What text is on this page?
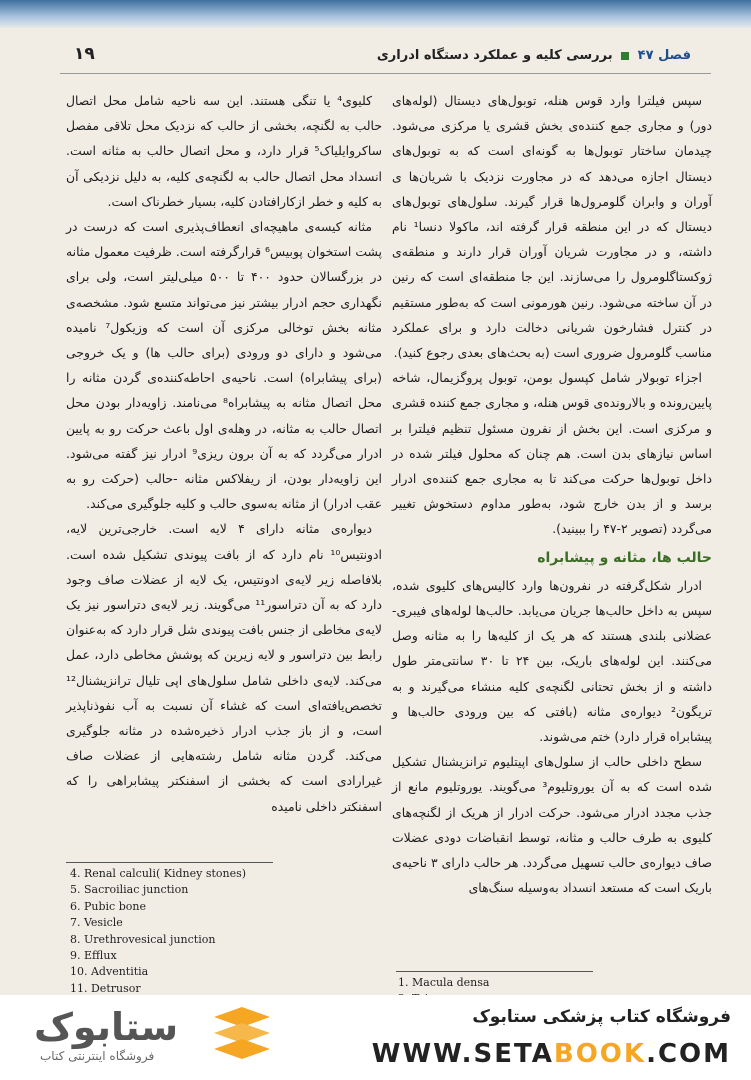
۱۹	فصل ۴۷  بررسی کلیه و عملکرد دستگاه ادراری

سپس فیلترا وارد قوس هنله، توبول‌های دیستال (لوله‌های دور) و مجاری جمع کننده‌ی بخش قشری یا مرکزی می‌شود. چیدمان ساختار توبول‌ها به گونه‌ای است که به توبول‌های دیستال اجازه می‌دهد که در مجاورت نزدیک با شریان‌ها ی آوران و وابران گلومرول‌ها قرار گیرند. سلول‌های توبول‌های دیستال که در این منطقه قرار گرفته اند، ماکولا دنسا¹ نام داشته، و در مجاورت شریان آوران قرار دارند و منطقه‌ی ژوکستاگلومرول را می‌سازند. این جا منطقه‌ای است که رنین در آن ساخته می‌شود. رنین هورمونی است که به‌طور مستقیم در کنترل فشارخون شریانی دخالت دارد و برای عملکرد مناسب گلومرول ضروری است (به بحث‌های بعدی رجوع کنید).

اجزاء توبولار شامل کپسول بومن، توبول پروگزیمال، شاخه پایین‌رونده و بالارونده‌ی قوس هنله، و مجاری جمع کننده قشری و مرکزی است. این بخش از نفرون مسئول تنظیم فیلترا بر اساس نیازهای بدن است. هم چنان که محلول فیلتر شده در داخل توبول‌ها حرکت می‌کند تا به مجاری جمع کننده‌ی ادرار برسد و از بدن خارج شود، به‌طور مداوم دستخوش تغییر می‌گردد (تصویر ۲-۴۷ را ببینید).

حالب ها، مثانه و پیشابراه

ادرار شکل‌گرفته در نفرون‌ها وارد کالیس‌های کلیوی شده، سپس به داخل حالب‌ها جریان می‌یابد. حالب‌ها لوله‌های فیبری- عضلانی بلندی هستند که هر یک از کلیه‌ها را به مثانه وصل می‌کنند. این لوله‌های باریک، بین ۲۴ تا ۳۰ سانتی‌متر طول داشته و از بخش تحتانی لگنچه‌ی کلیه منشاء می‌گیرند و به تریگون² دیواره‌ی مثانه (بافتی که بین ورودی حالب‌ها و پیشابراه قرار دارد) ختم می‌شوند.

سطح داخلی حالب از سلول‌های اپیتلیوم ترانزیشنال تشکیل شده است که به آن یوروتلیوم³ می‌گویند. یوروتلیوم مانع از جذب مجدد ادرار می‌شود. حرکت ادرار از هریک از لگنچه‌های کلیوی به طرف حالب و مثانه، توسط انقباضات دودی عضلات صاف دیواره‌ی حالب تسهیل می‌گردد. هر حالب دارای ۳ ناحیه‌ی باریک است که مستعد انسداد به‌وسیله سنگ‌های

کلیوی⁴ یا تنگی هستند. این سه ناحیه شامل محل اتصال حالب به لگنچه، بخشی از حالب که نزدیک محل تلاقی مفصل ساکروایلیاک⁵ قرار دارد، و محل اتصال حالب به مثانه است. انسداد محل اتصال حالب به لگنچه‌ی کلیه، به دلیل نزدیکی آن به کلیه و خطر ازکارافتادن کلیه، بسیار خطرناک است.

مثانه کیسه‌ی ماهیچه‌ای انعطاف‌پذیری است که درست در پشت استخوان پوبیس⁶ قرارگرفته است. ظرفیت معمول مثانه در بزرگسالان حدود ۴۰۰ تا ۵۰۰ میلی‌لیتر است، ولی برای نگهداری حجم ادرار بیشتر نیز می‌تواند متسع شود. مشخصه‌ی مثانه بخش توخالی مرکزی آن است که وزیکول⁷ نامیده می‌شود و دارای دو ورودی (برای حالب ها) و یک خروجی (برای پیشابراه) است. ناحیه‌ی احاطه‌کننده‌ی گردن مثانه را محل اتصال مثانه به پیشابراه⁸ می‌نامند. زاویه‌دار بودن محل اتصال حالب به مثانه، در وهله‌ی اول باعث حرکت رو به پایین ادرار می‌گردد که به آن برون ریزی⁹ ادرار نیز گفته می‌شود. این زاویه‌دار بودن، از ریفلاکس مثانه -حالب (حرکت رو به عقب ادرار) از مثانه به‌سوی حالب و کلیه جلوگیری می‌کند.

دیواره‌ی مثانه دارای ۴ لایه است. خارجی‌ترین لایه، ادونتیس¹⁰ نام دارد که از بافت پیوندی تشکیل شده است. بلافاصله زیر لایه‌ی ادونتیس، یک لایه از عضلات صاف وجود دارد که به آن دتراسور¹¹ می‌گویند. زیر لایه‌ی دتراسور نیز یک لایه‌ی مخاطی از جنس بافت پیوندی شل قرار دارد که به‌عنوان رابط بین دتراسور و لایه زیرین که پوشش مخاطی دارد، عمل می‌کند. لایه‌ی داخلی شامل سلول‌های اپی تلیال ترانزیشنال¹² تخصص‌یافته‌ای است که غشاء آن نسبت به آب نفوذناپذیر است، و از باز جذب ادرار ذخیره‌شده در مثانه جلوگیری می‌کند. گردن مثانه شامل رشته‌هایی از عضلات صاف غیرارادی است که بخشی از اسفنکتر پیشابراهی را که اسفنکتر داخلی نامیده

4. Renal calculi( Kidney stones)
5. Sacroiliac junction
6. Pubic bone
7. Vesicle
8. Urethrovesical junction
9. Efflux
10. Adventitia
11. Detrusor	1. Macula densa
ستابوک
فروشگاه اینترنتی کتاب
فروشگاه کتاب پزشکی ستابوک
WWW.SETABOOK.COM
